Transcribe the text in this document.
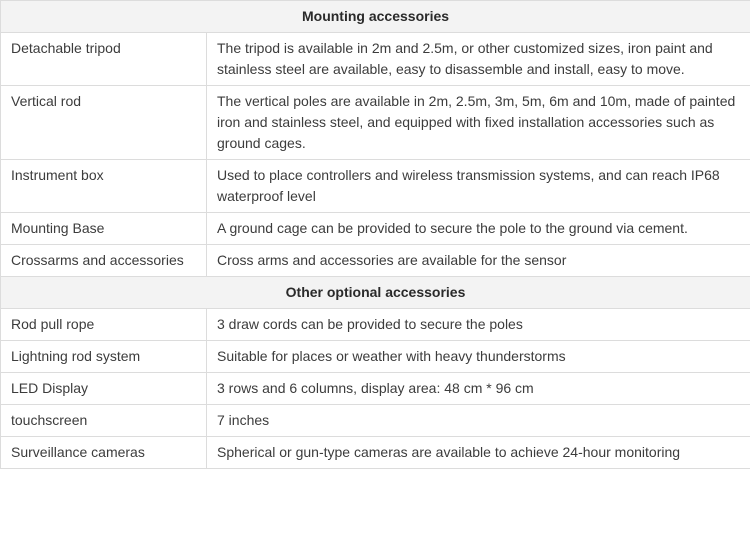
Mounting accessories	
Detachable tripod	The tripod is available in 2m and 2.5m, or other customized sizes, iron paint and stainless steel are available, easy to disassemble and install, easy to move.
Vertical rod	The vertical poles are available in 2m, 2.5m, 3m, 5m, 6m and 10m, made of painted iron and stainless steel, and equipped with fixed installation accessories such as ground cages.
Instrument box	Used to place controllers and wireless transmission systems, and can reach IP68 waterproof level
Mounting Base	A ground cage can be provided to secure the pole to the ground via cement.
Crossarms and accessories	Cross arms and accessories are available for the sensor
Other optional accessories	
Rod pull rope	3 draw cords can be provided to secure the poles
Lightning rod system	Suitable for places or weather with heavy thunderstorms
LED Display	3 rows and 6 columns, display area: 48 cm * 96 cm
touchscreen	7 inches
Surveillance cameras	Spherical or gun-type cameras are available to achieve 24-hour monitoring
